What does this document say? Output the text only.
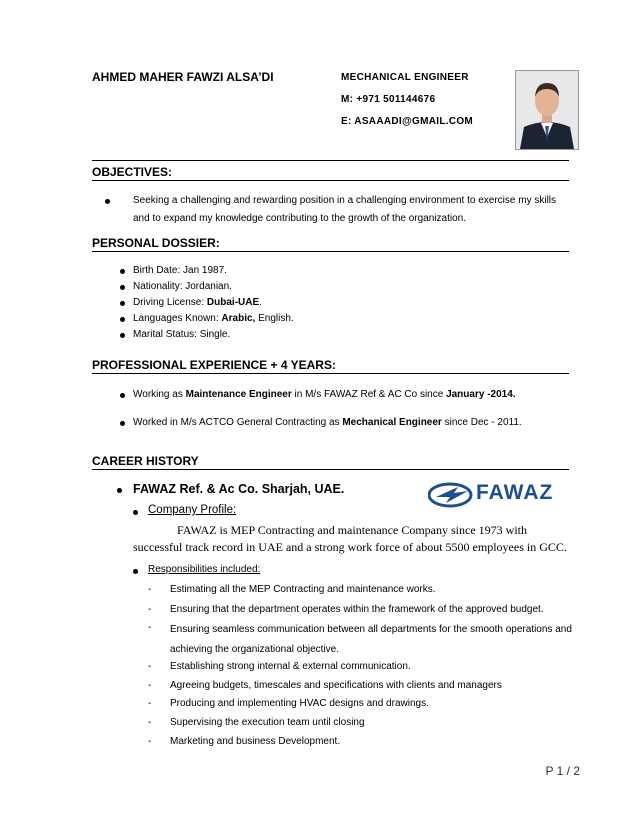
AHMED MAHER FAWZI ALSA’DI	MECHANICAL ENGINEER
M: +971 501144676
E: ASAAADI@GMAIL.COM
OBJECTIVES:
Seeking a challenging and rewarding position in a challenging environment to exercise my skills and to expand my knowledge contributing to the growth of the organization.
PERSONAL DOSSIER:
Birth Date: Jan 1987.
Nationality: Jordanian.
Driving License: Dubai-UAE.
Languages Known: Arabic, English.
Marital Status: Single.
PROFESSIONAL EXPERIENCE + 4 YEARS:
Working as Maintenance Engineer in M/s FAWAZ Ref & AC Co since January -2014.
Worked in M/s ACTCO General Contracting as Mechanical Engineer since Dec - 2011.
CAREER HISTORY
FAWAZ Ref. & Ac Co. Sharjah, UAE.	FAWAZ
Company Profile:
FAWAZ is MEP Contracting and maintenance Company since 1973 with successful track record in UAE and a strong work force of about 5500 employees in GCC.
Responsibilities included:
- Estimating all the MEP Contracting and maintenance works.
- Ensuring that the department operates within the framework of the approved budget.
- Ensuring seamless communication between all departments for the smooth operations and achieving the organizational objective.
- Establishing strong internal & external communication.
- Agreeing budgets, timescales and specifications with clients and managers
- Producing and implementing HVAC designs and drawings.
- Supervising the execution team until closing
- Marketing and business Development.
P 1 / 2
